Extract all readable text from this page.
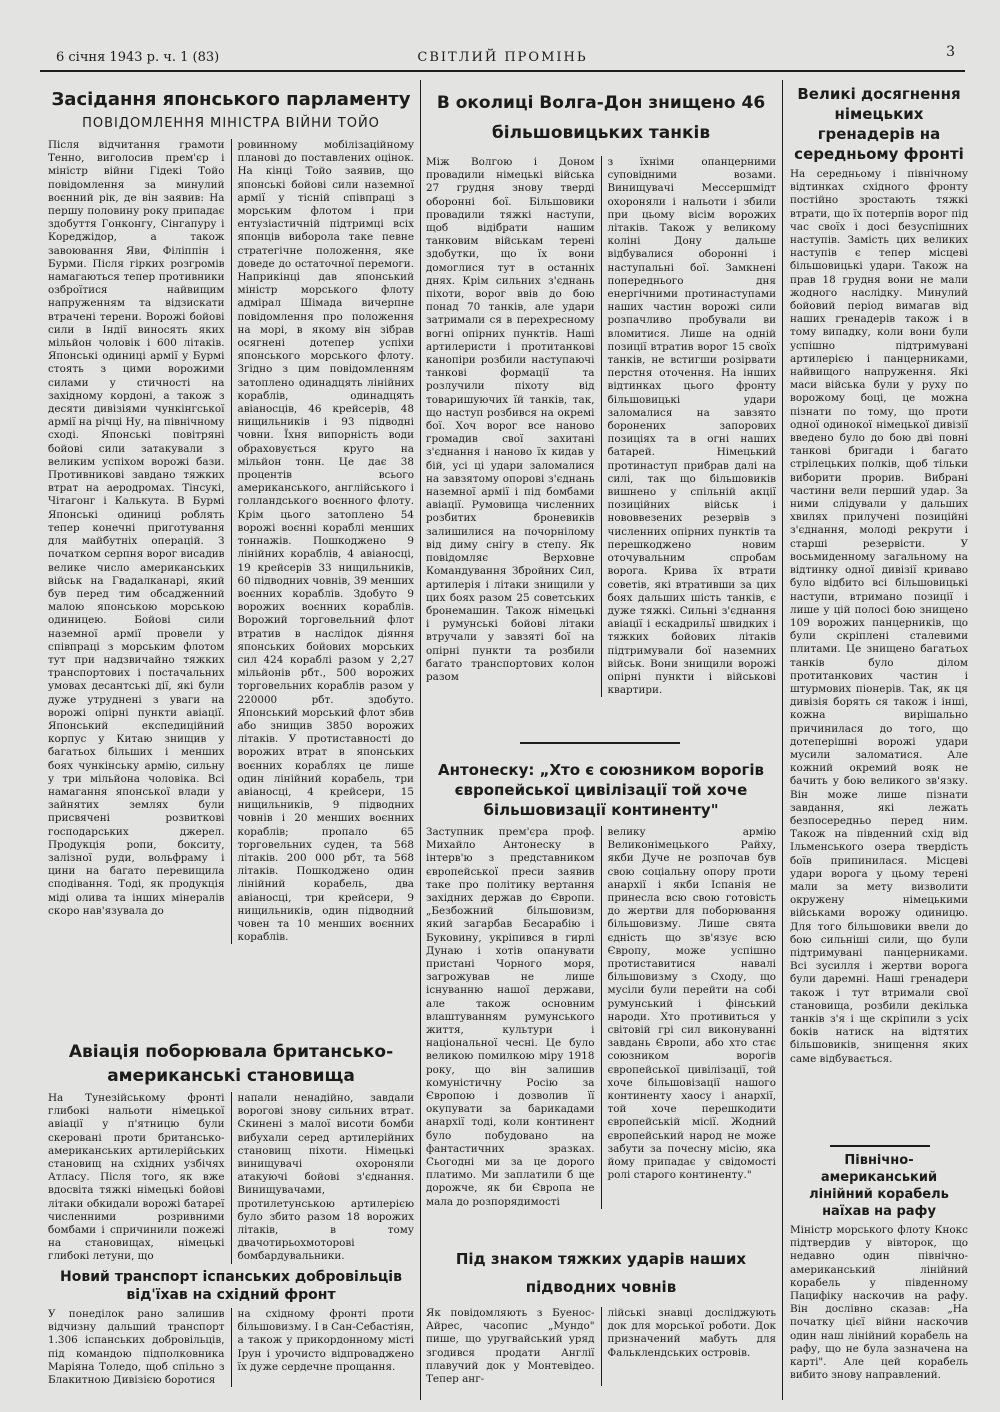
6 січня 1943 р. ч. 1 (83)	СВІТЛИЙ ПРОМІНЬ	3
Засідання японського парламенту
ПОВІДОМЛЕННЯ МІНІСТРА ВІЙНИ ТОЙО
Після відчитання грамоти Тенно, виголосив прем'єр і міністр війни Гідекі Тойо повідомлення за минулий воєнний рік, де він заявив: На першу половину року припадає здобуття Гонконгу, Сінгапуру і Кореджідор, а також завоювання Яви, Філіппін і Бурми. Після гірких розгромів намагаються тепер противники озброїтися найвищим напруженням та відзискати втрачені терени. Ворожі бойові сили в Індії виносять яких мільйон чоловік і 600 літаків. Японські одиниці армії у Бурмі стоять з цими ворожими силами у стичності на західному кордоні, а також з десяти дивізіями чункінгської армії на річці Ну, на північному сході. Японські повітряні бойові сили затакували з великим успіхом ворожі бази. Противникові завдано тяжких втрат на аеродромах. Тінсукі, Чітагонг і Калькута. В Бурмі Японські одиниці роблять тепер конечні приготування для майбутніх операцій. З початком серпня ворог висадив велике число американських військ на Гвадалканарі, який був перед тим обсадженний малою японською морською одиницею. Бойові сили наземної армії провели у співпраці з морським флотом тут при надзвичайно тяжких транспортових і постачальних умовах десантські дії, які були дуже утруднені з уваги на ворожі опірні пункти авіації. Японський експедиційний корпус у Китаю знищив у багатьох більших і менших боях чункінську армію, сильну у три мільйона чоловіка. Всі намагання японської влади у зайнятих землях були присвячені розвиткові господарських джерел. Продукція ропи, бокситу, залізної руди, вольфраму і цини на багато перевищила сподівання. Тоді, як продукція міді олива та інших мінералів скоро нав'язувала до
ровинному мобілізаційному планові до поставлених оцінок. На кінці Тойо заявив, що японські бойові сили наземної армії у тісній співпраці з морським флотом і при ентузіастичній підтримці всіх японців виборола таке певне стратегічне положення, яке доведе до остаточної перемоги. Наприкінці дав японський міністр морського флоту адмірал Шімада вичерпне повідомлення про положення на морі, в якому він зібрав осягнені дотепер успіхи японського морського флоту. Згідно з цим повідомленням затоплено одинадцять лінійних кораблів, одинадцять авіаносців, 46 крейсерів, 48 нищильників і 93 підводні човни. Їхня випорність води обраховується круго на мільйон тонн. Це дає 38 процентів всього американського, англійського і голландського воєнного флоту. Крім цього затоплено 54 ворожі воєнні кораблі менших тоннажів. Пошкоджено 9 лінійних кораблів, 4 авіаносці, 19 крейсерів 33 нищильників, 60 підводних човнів, 39 менших воєнних кораблів. Здобуто 9 ворожих воєнних кораблів. Ворожий торговельний флот втратив в наслідок діяння японських бойових морських сил 424 кораблі разом у 2,27 мільйонів рбт., 500 ворожих торговельних кораблів разом у 220000 рбт. здобуто. Японський морський флот збив або знищив 3850 ворожих літаків. У протиставності до ворожих втрат в японських воєнних кораблях це лише один лінійний корабель, три авіаносці, 4 крейсери, 15 нищильників, 9 підводних човнів і 20 менших воєнних кораблів; пропало 65 торговельних суден, та 568 літаків. 200 000 рбт, та 568 літаків. Пошкоджено один лінійний корабель, два авіаносці, три крейсери, 9 нищильників, один підводний човен та 10 менших воєнних кораблів.
Авіація поборювала британсько-американські становища
На Тунезійському фронті глибокі нальоти німецької авіації у п'ятницю були скеровані проти британсько-американських артилерійських становищ на східних узбічях Атласу. Після того, як вже вдосвіта тяжкі німецькі бойові літаки обкидали ворожі батареї численними розривними бомбами і спричинили пожежі на становищах, німецькі глибокі летуни, що
напали ненадійно, завдали ворогові знову сильних втрат. Скинені з малої висоти бомби вибухали серед артилерійних становищ піхоти. Німецькі винищувачі охороняли атакуючі бойові з'єднання. Винищувачами, протилетунською артилерією було збито разом 18 ворожих літаків, в тому двачотирьохмоторові бомбардувальники.
Новий транспорт іспанських добровільців від'їхав на східний фронт
У понеділок рано залишив відчизну дальший транспорт 1.306 іспанських добровільців, під командою підполковника Маріяна Толедо, щоб спільно з Блакитною Дивізією боротися
на східному фронті проти більшовизму. І в Сан-Себастіян, а також у прикордонному місті Ірун і урочисто відпроваджено їх дуже сердечне прощання.
В околиці Волга-Дон знищено 46 більшовицьких танків
Між Волгою і Доном провадили німецькі війська 27 грудня знову тверді оборонні бої. Більшовики провадили тяжкі наступи, щоб відібрати нашим танковим військам терені здобутки, що їх вони домоглися тут в останніх днях. Крім сильних з'єднань піхоти, ворог ввів до бою понад 70 танків, але удари затримали ся в перехресному вогні опірних пунктів. Наші артилеристи і протитанкові канопіри розбили наступаючі танкові формації та розлучили піхоту від товаришуючих їй танків, так, що наступ розбився на окремі бої. Хоч ворог все наново громадив свої захитані з'єднання і наново їх кидав у бій, усі ці удари заломалися на завзятому опорові з'єднань наземної армії і під бомбами авіації. Румовища численних розбитих броневиків залишилися на почорнілому від диму снігу в степу. Як повідомляє Верховне Командування Збройних Сил, артилерія і літаки знищили у цих боях разом 25 советських бронемашин. Також німецькі і румунські бойові літаки втручали у завзяті бої на опірні пункти та розбили багато транспортових колон разом
з їхніми опанцерними суповідними возами. Винищувачі Мессершмідт охороняли і нальоти і збили при цьому вісім ворожих літаків. Також у великому колінi Дону дальше відбувалися оборонні і наступальні бої. Замкнені попереднього дня енергічними протинаступами наших частин ворожі сили розпачливо пробували ви вломитися. Лише на одній позиції втратив ворог 15 своїх танків, не встигши розірвати перстня оточення. На інших відтинках цього фронту більшовицькі удари заломалися на завзято боронених запорових позиціях та в огні наших батарей. Німецький протинаступ прибрав далі на силі, так що більшовиків вишнено у спільній акції позиційних військ і нововвезених резервів з численних опірних пунктів та перешкоджено новим оточувальним спробам ворога. Крива їх втрати советів, які втративши за цих боях дальших шість танків, є дуже тяжкі. Сильні з'єднання авіації і ескадрильї швидких і тяжких бойових літаків підтримували бої наземних військ. Вони знищили ворожі опірні пункти і військові квартири.
Антонеску: „Хто є союзником ворогів європейської цивілізації той хоче більшовизації континенту"
Заступник прем'єра проф. Михайло Антонеску в інтерв'ю з представником європейської преси заявив таке про політику вертання західних держав до Європи. „Безбожний більшовизм, який загарбав Бесарабію і Буковину, укріпився в гирлі Дунаю і хотів опанувати пристані Чорного моря, загрожував не лише існуванню нашої держави, але також основним влаштуванням румунського життя, культури і національної чесні. Це було великою помилкою міру 1918 року, що він залишив комуністичну Росію за Європою і дозволив її окупувати за барикадами анархії тоді, коли континент було побудовано на фантастичних зразках. Сьогодні ми за це дорого платимо. Ми заплатили б ще дорожче, як би Європа не мала до розпорядимості
велику армію Великонімецького Райху, якби Дуче не розпочав був свою соціальну опору проти анархії і якби Іспанія не принесла всю свою готовість до жертви для поборювання більшовизму. Лише свята єдність що зв'язує всю Європу, може успішно протиставитися навалі більшовизму з Сходу, що мусіли були перейти на собі румунський і фінський народи. Хто противиться у світовій грі сил виконуванні завдань Європи, або хто стає союзником ворогів європейської цивілізації, той хоче більшовізації нашого континенту хаосу і анархії, той хоче перешкодити європейській місії. Жодний європейський народ не може забути за почесну місію, яка йому припадає у свідомості ролі старого континенту."
Під знаком тяжких ударів наших підводних човнів
Як повідомляють з Буенос-Айрес, часопис „Мундо" пише, що уругвайський уряд згодився продати Англії плавучий док у Монтевідео. Тепер анг-
лійські знавці досліджують док для морської роботи. Док призначений мабуть для Фальклендських островів.
Великі досягнення німецьких гренадерів на середньому фронті
На середньому і північному відтинках східного фронту постійно зростають тяжкі втрати, що їх потерпів ворог під час своїх і досі безуспішних наступів. Замість цих великих наступів є тепер місцеві більшовицькі удари. Також на прав 18 грудня вони не мали жодного наслідку. Минулий бойовий період вимагав від наших гренадерів також і в тому випадку, коли вони були успішно підтримувані артилерією і панцерниками, найвищого напруження. Які маси війська були у руху по ворожому боці, це можна пізнати по тому, що проти одної одинокої німецької дивізії введено було до бою дві повні танкові бригади і багато стрілецьких полків, щоб тільки виборити прорив. Вибрані частини вели перший удар. За ними слідували у дальших хвилях прилучені позиційні з'єднання, молоді рекрути і старші резервісти. У восьмиденному загальному на відтинку одної дивізії криваво було відбито всі більшовицькі наступи, втримано позиції і лише у цій полосі бою знищено 109 ворожих панцерників, що були скріплені сталевими плитами. Це знищено багатьох танків було ділом протитанкових частин і штурмових піонерів. Так, як ця дивізія борять ся також і інші, кожна вирішально причинилася до того, що дотеперішні ворожі удари мусили заломатися. Але кожний окремий вояк не бачить у бою великого зв'язку. Він може лише пізнати завдання, які лежать безпосередньо перед ним. Також на південний схід від Ільменського озера твердість боїв припинилася. Місцеві удари ворога у цьому терені мали за мету визволити окружену німецькими військами ворожу одиницю. Для того більшовики ввели до бою сильніші сили, що були підтримувані панцерниками. Всі зусилля і жертви ворога були даремні. Наші гренадери також і тут втримали свої становища, розбили декілька танків з'я і ще скріпили з усіх боків натиск на відтятих більшовиків, знищення яких саме відбувається.
Північно-американський лінійний корабель наїхав на рафу
Міністр морського флоту Кнокс підтвердив у вівторок, що недавно один північно-американський лінійний корабель у південному Пацифіку наскочив на рафу. Він дослівно сказав: „На початку цієї війни наскочив один наш лінійний корабель на рафу, що не була зазначена на карті". Але цей корабель вибито знову направлений.
